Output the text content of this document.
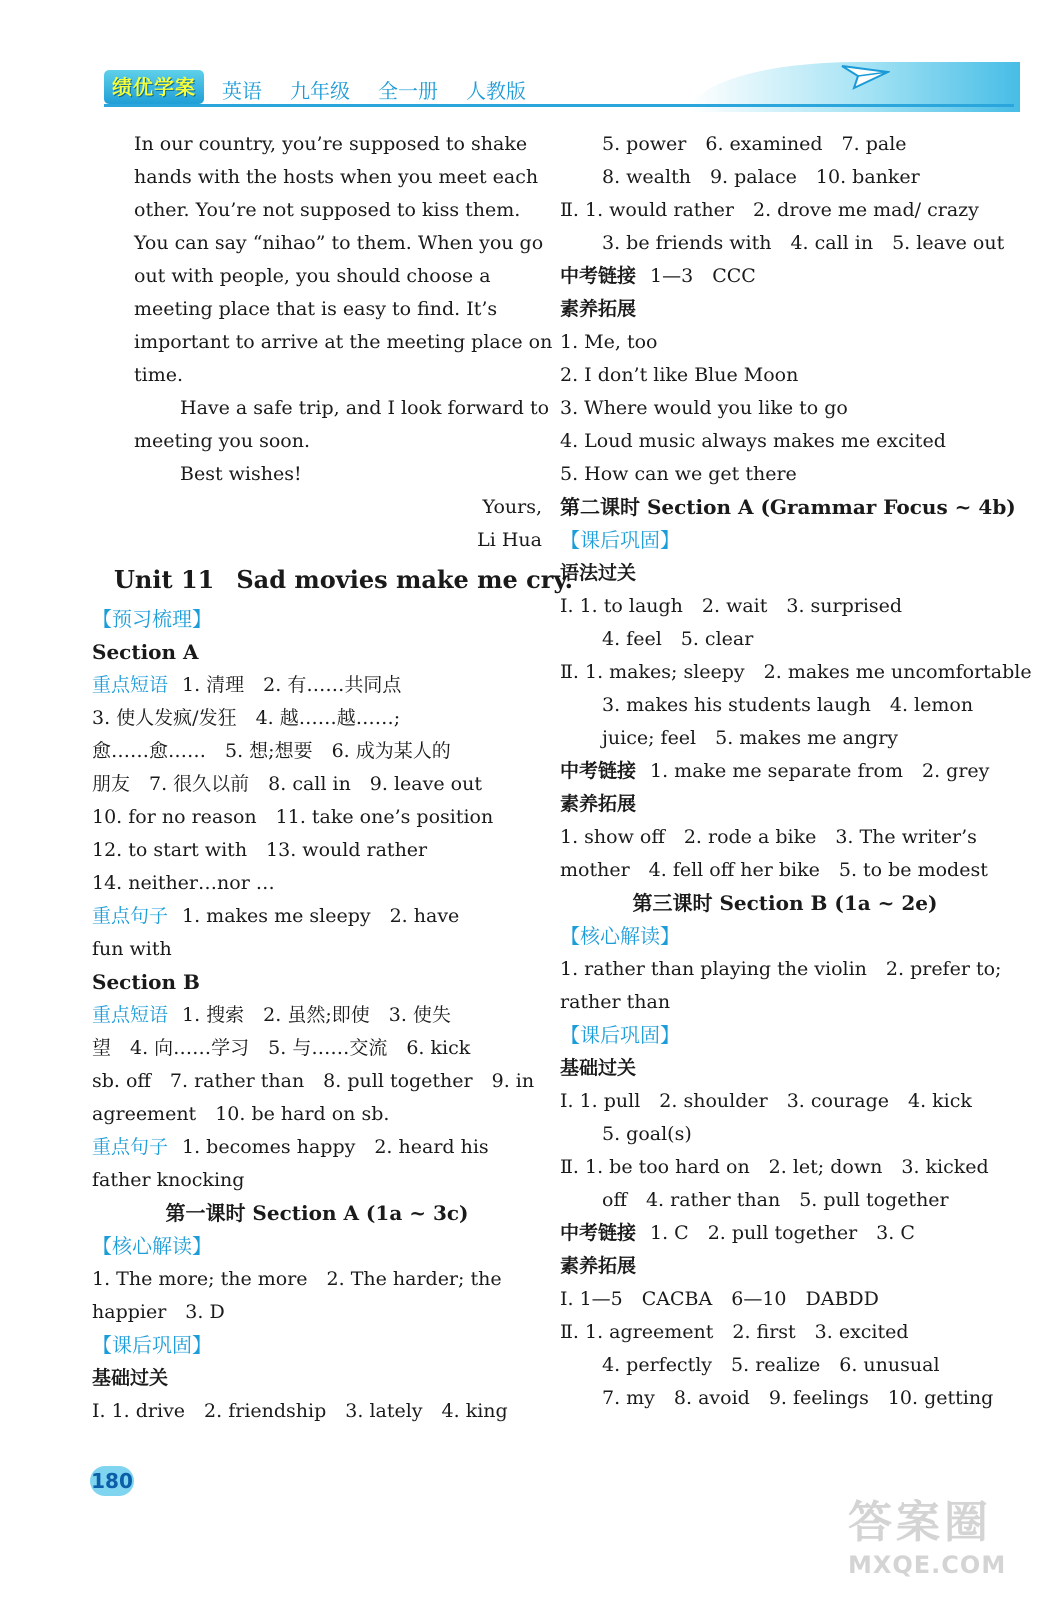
绩优学案	英语 九年级 全一册 人教版
In our country, you’re supposed to shake
hands with the hosts when you meet each
other. You’re not supposed to kiss them.
You can say “nihao” to them. When you go
out with people, you should choose a
meeting place that is easy to find. It’s
important to arrive at the meeting place on
time.
Have a safe trip, and I look forward to
meeting you soon.
Best wishes!
Yours,
Li Hua
Unit 11 Sad movies make me cry.
【预习梳理】
Section A
重点短语 1. 清理　2. 有……共同点
3. 使人发疯/发狂　4. 越……越……;
愈……愈……　5. 想;想要　6. 成为某人的
朋友　7. 很久以前　8. call in　9. leave out
10. for no reason　11. take one’s position
12. to start with　13. would rather
14. neither…nor …
重点句子 1. makes me sleepy　2. have
fun with
Section B
重点短语 1. 搜索　2. 虽然;即使　3. 使失
望　4. 向……学习　5. 与……交流　6. kick
sb. off　7. rather than　8. pull together　9. in
agreement　10. be hard on sb.
重点句子 1. becomes happy　2. heard his
father knocking
第一课时 Section A (1a ~ 3c)
【核心解读】
1. The more; the more　2. The harder; the
happier　3. D
【课后巩固】
基础过关
Ⅰ. 1. drive　2. friendship　3. lately　4. king
5. power　6. examined　7. pale
8. wealth　9. palace　10. banker
Ⅱ. 1. would rather　2. drove me mad/ crazy
3. be friends with　4. call in　5. leave out
中考链接 1—3　CCC
素养拓展
1. Me, too
2. I don’t like Blue Moon
3. Where would you like to go
4. Loud music always makes me excited
5. How can we get there
第二课时 Section A (Grammar Focus ~ 4b)
【课后巩固】
语法过关
Ⅰ. 1. to laugh　2. wait　3. surprised
4. feel　5. clear
Ⅱ. 1. makes; sleepy　2. makes me uncomfortable
3. makes his students laugh　4. lemon
juice; feel　5. makes me angry
中考链接 1. make me separate from　2. grey
素养拓展
1. show off　2. rode a bike　3. The writer’s
mother　4. fell off her bike　5. to be modest
第三课时 Section B (1a ~ 2e)
【核心解读】
1. rather than playing the violin　2. prefer to;
rather than
【课后巩固】
基础过关
Ⅰ. 1. pull　2. shoulder　3. courage　4. kick
5. goal(s)
Ⅱ. 1. be too hard on　2. let; down　3. kicked
off　4. rather than　5. pull together
中考链接 1. C　2. pull together　3. C
素养拓展
Ⅰ. 1—5　CACBA　6—10　DABDD
Ⅱ. 1. agreement　2. first　3. excited
4. perfectly　5. realize　6. unusual
7. my　8. avoid　9. feelings　10. getting
180
答案圈
MXQE.COM
